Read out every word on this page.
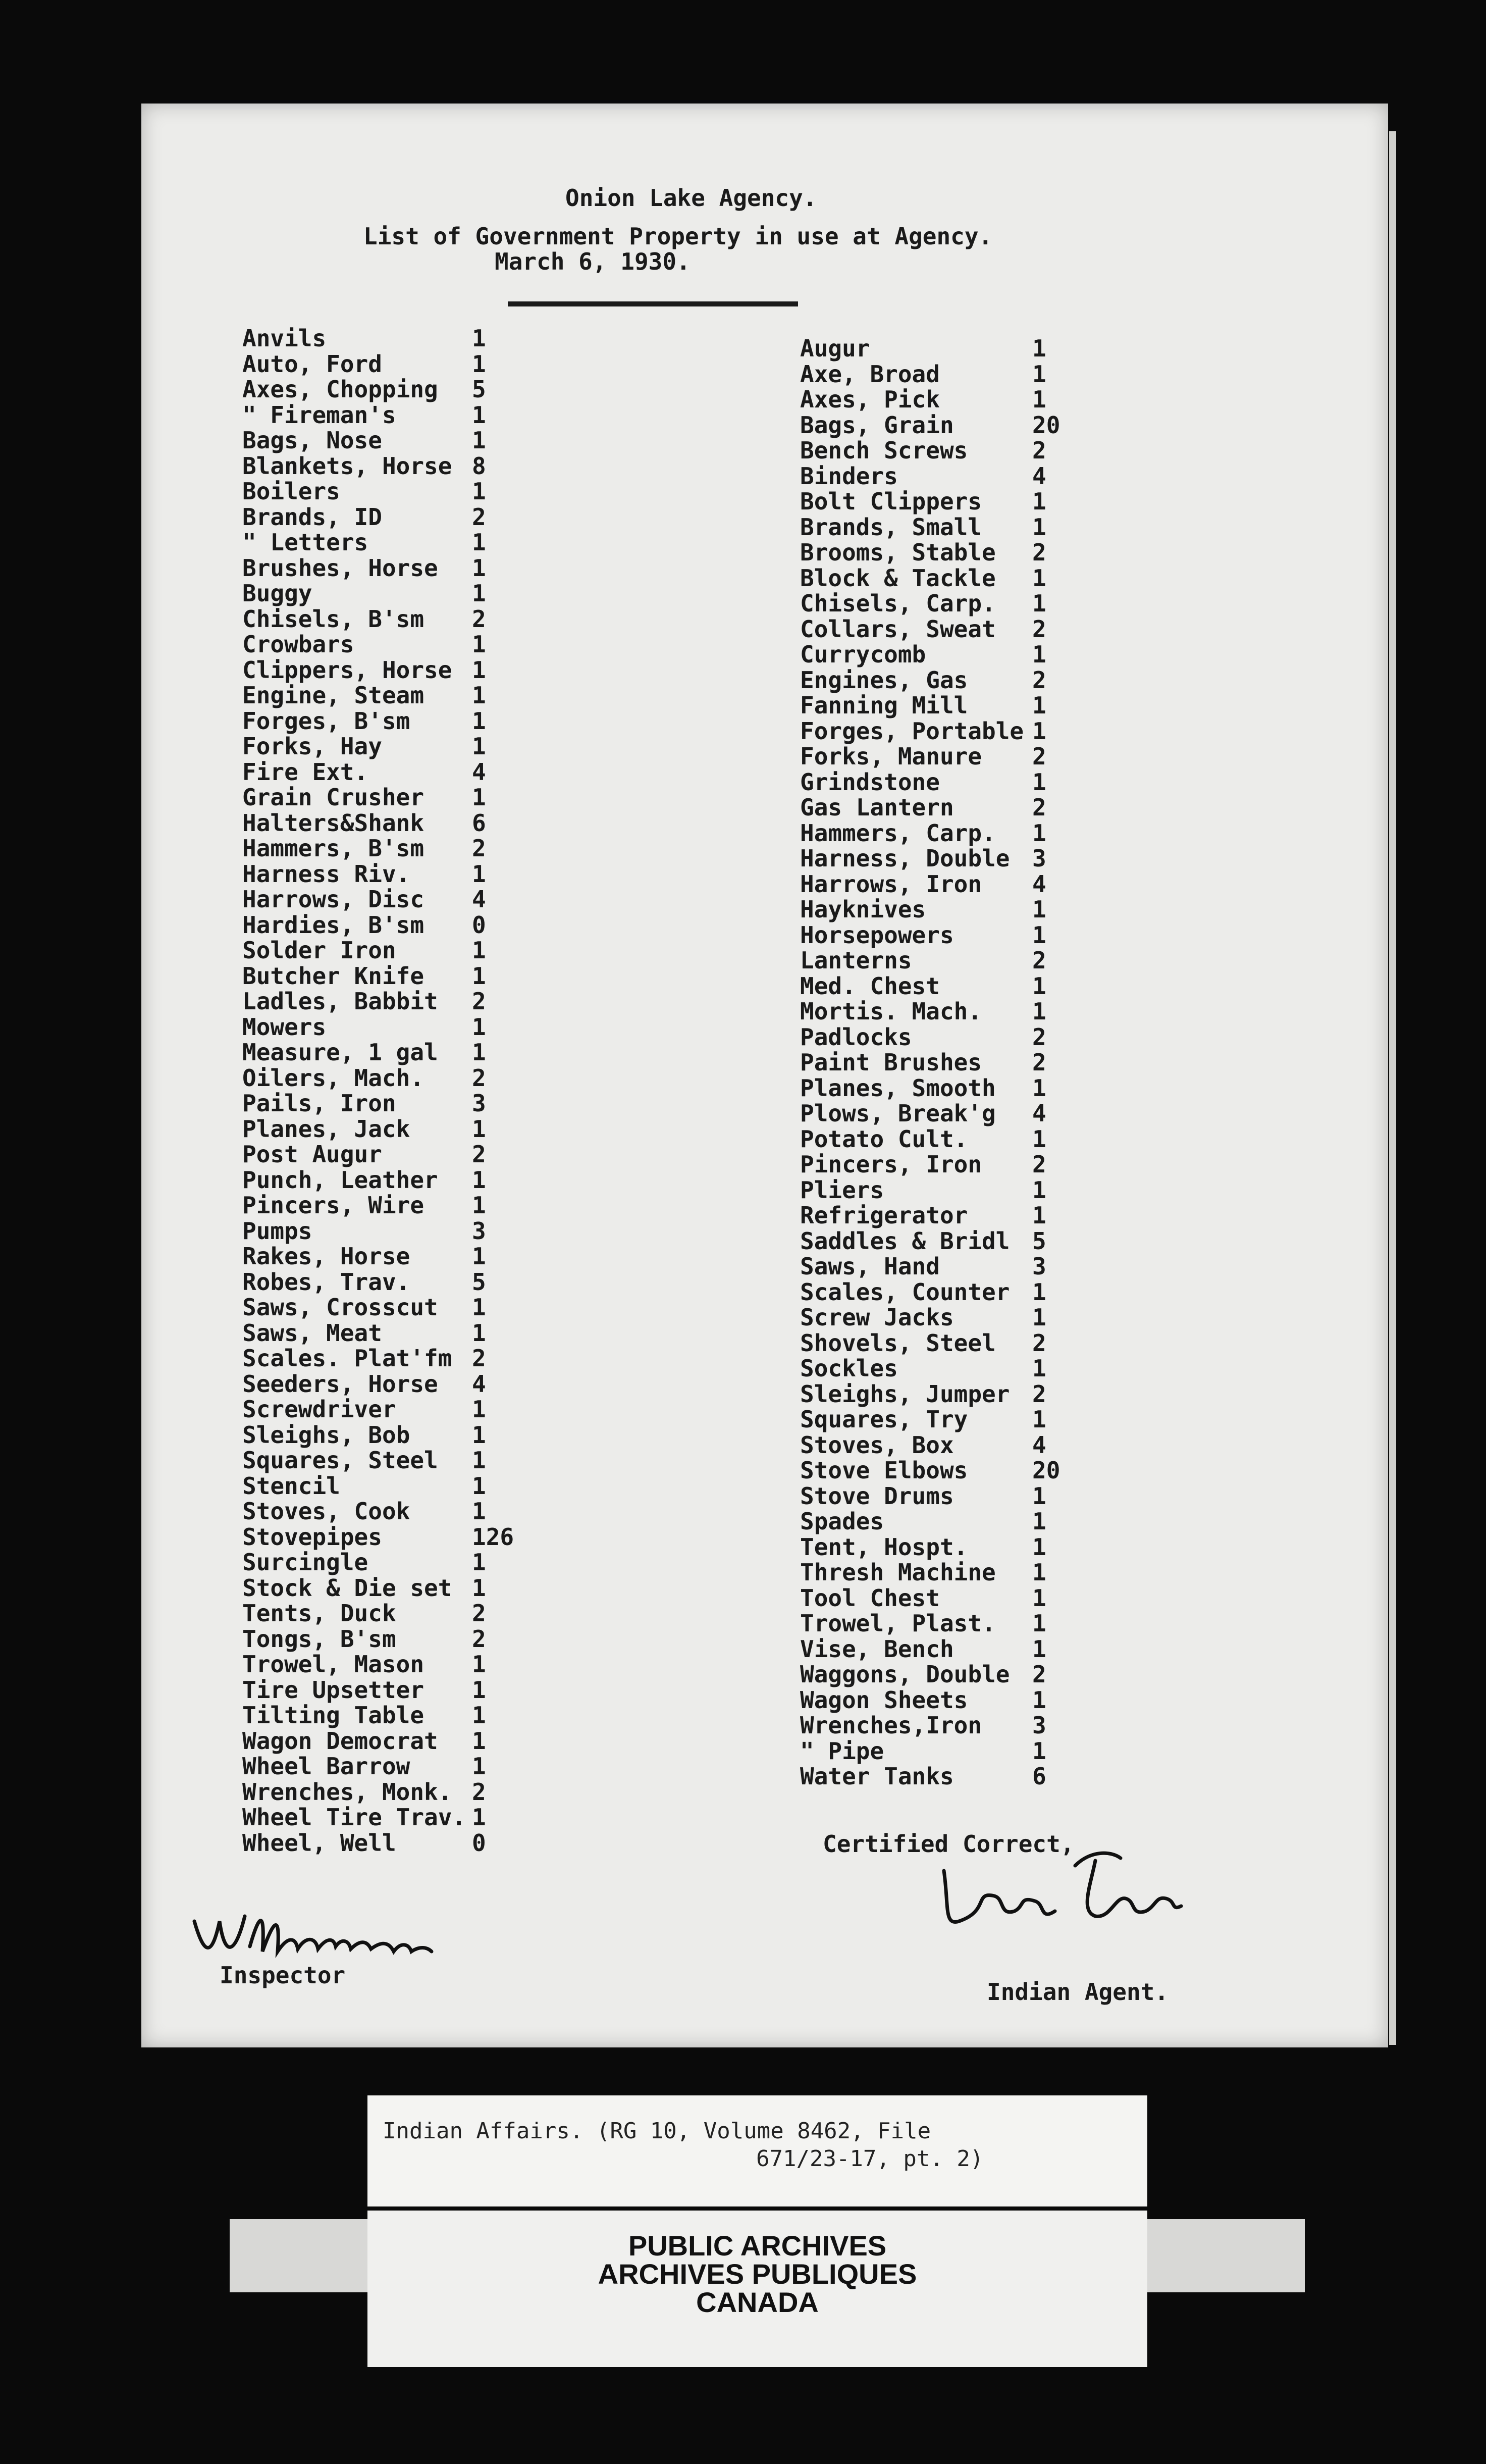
Onion Lake Agency.
List of Government Property in use at Agency.
March 6, 1930.
Anvils	1
Auto, Ford	1
Axes, Chopping	5
" Fireman's	1
Bags, Nose	1
Blankets, Horse 8
Boilers	1
Brands, ID	2
" Letters	1
Brushes, Horse	1
Buggy	1
Chisels, B'sm	2
Crowbars	1
Clippers, Horse 1
Engine, Steam	1
Forges, B'sm	1
Forks, Hay	1
Fire Ext.	4
Grain Crusher	1
Halters&Shank	6
Hammers, B'sm	2
Harness Riv.	1
Harrows, Disc	4
Hardies, B'sm	0
Solder Iron	1
Butcher Knife	1
Ladles, Babbit	2
Mowers	1
Measure, 1 gal	1
Oilers, Mach.	2
Pails, Iron	3
Planes, Jack	1
Post Augur	2
Punch, Leather	1
Pincers, Wire	1
Pumps	3
Rakes, Horse	1
Robes, Trav.	5
Saws, Crosscut	1
Saws, Meat	1
Scales. Plat'fm 2
Seeders, Horse	4
Screwdriver	1
Sleighs, Bob	1
Squares, Steel	1
Stencil	1
Stoves, Cook	1
Stovepipes	126
Surcingle	1
Stock & Die set 1
Tents, Duck	2
Tongs, B'sm	2
Trowel, Mason	1
Tire Upsetter	1
Tilting Table	1
Wagon Democrat	1
Wheel Barrow	1
Wrenches, Monk. 2
Wheel Tire Trav. 1
Wheel, Well	0
Augur	1
Axe, Broad	1
Axes, Pick	1
Bags, Grain	20
Bench Screws	2
Binders	4
Bolt Clippers	1
Brands, Small	1
Brooms, Stable	2
Block & Tackle	1
Chisels, Carp.	1
Collars, Sweat	2
Currycomb	1
Engines, Gas	2
Fanning Mill	1
Forges, Portable 1
Forks, Manure	2
Grindstone	1
Gas Lantern	2
Hammers, Carp.	1
Harness, Double 3
Harrows, Iron	4
Hayknives	1
Horsepowers	1
Lanterns	2
Med. Chest	1
Mortis. Mach.	1
Padlocks	2
Paint Brushes	2
Planes, Smooth	1
Plows, Break'g	4
Potato Cult.	1
Pincers, Iron	2
Pliers	1
Refrigerator	1
Saddles & Bridl 5
Saws, Hand	3
Scales, Counter 1
Screw Jacks	1
Shovels, Steel	2
Sockles	1
Sleighs, Jumper 2
Squares, Try	1
Stoves, Box	4
Stove Elbows	20
Stove Drums	1
Spades	1
Tent, Hospt.	1
Thresh Machine	1
Tool Chest	1
Trowel, Plast.	1
Vise, Bench	1
Waggons, Double 2
Wagon Sheets	1
Wrenches,Iron	3
" Pipe	1
Water Tanks	6
Certified Correct,
Indian Agent.
Inspector
Indian Affairs. (RG 10, Volume 8462, File
671/23-17, pt. 2)
PUBLIC ARCHIVES
ARCHIVES PUBLIQUES
CANADA
